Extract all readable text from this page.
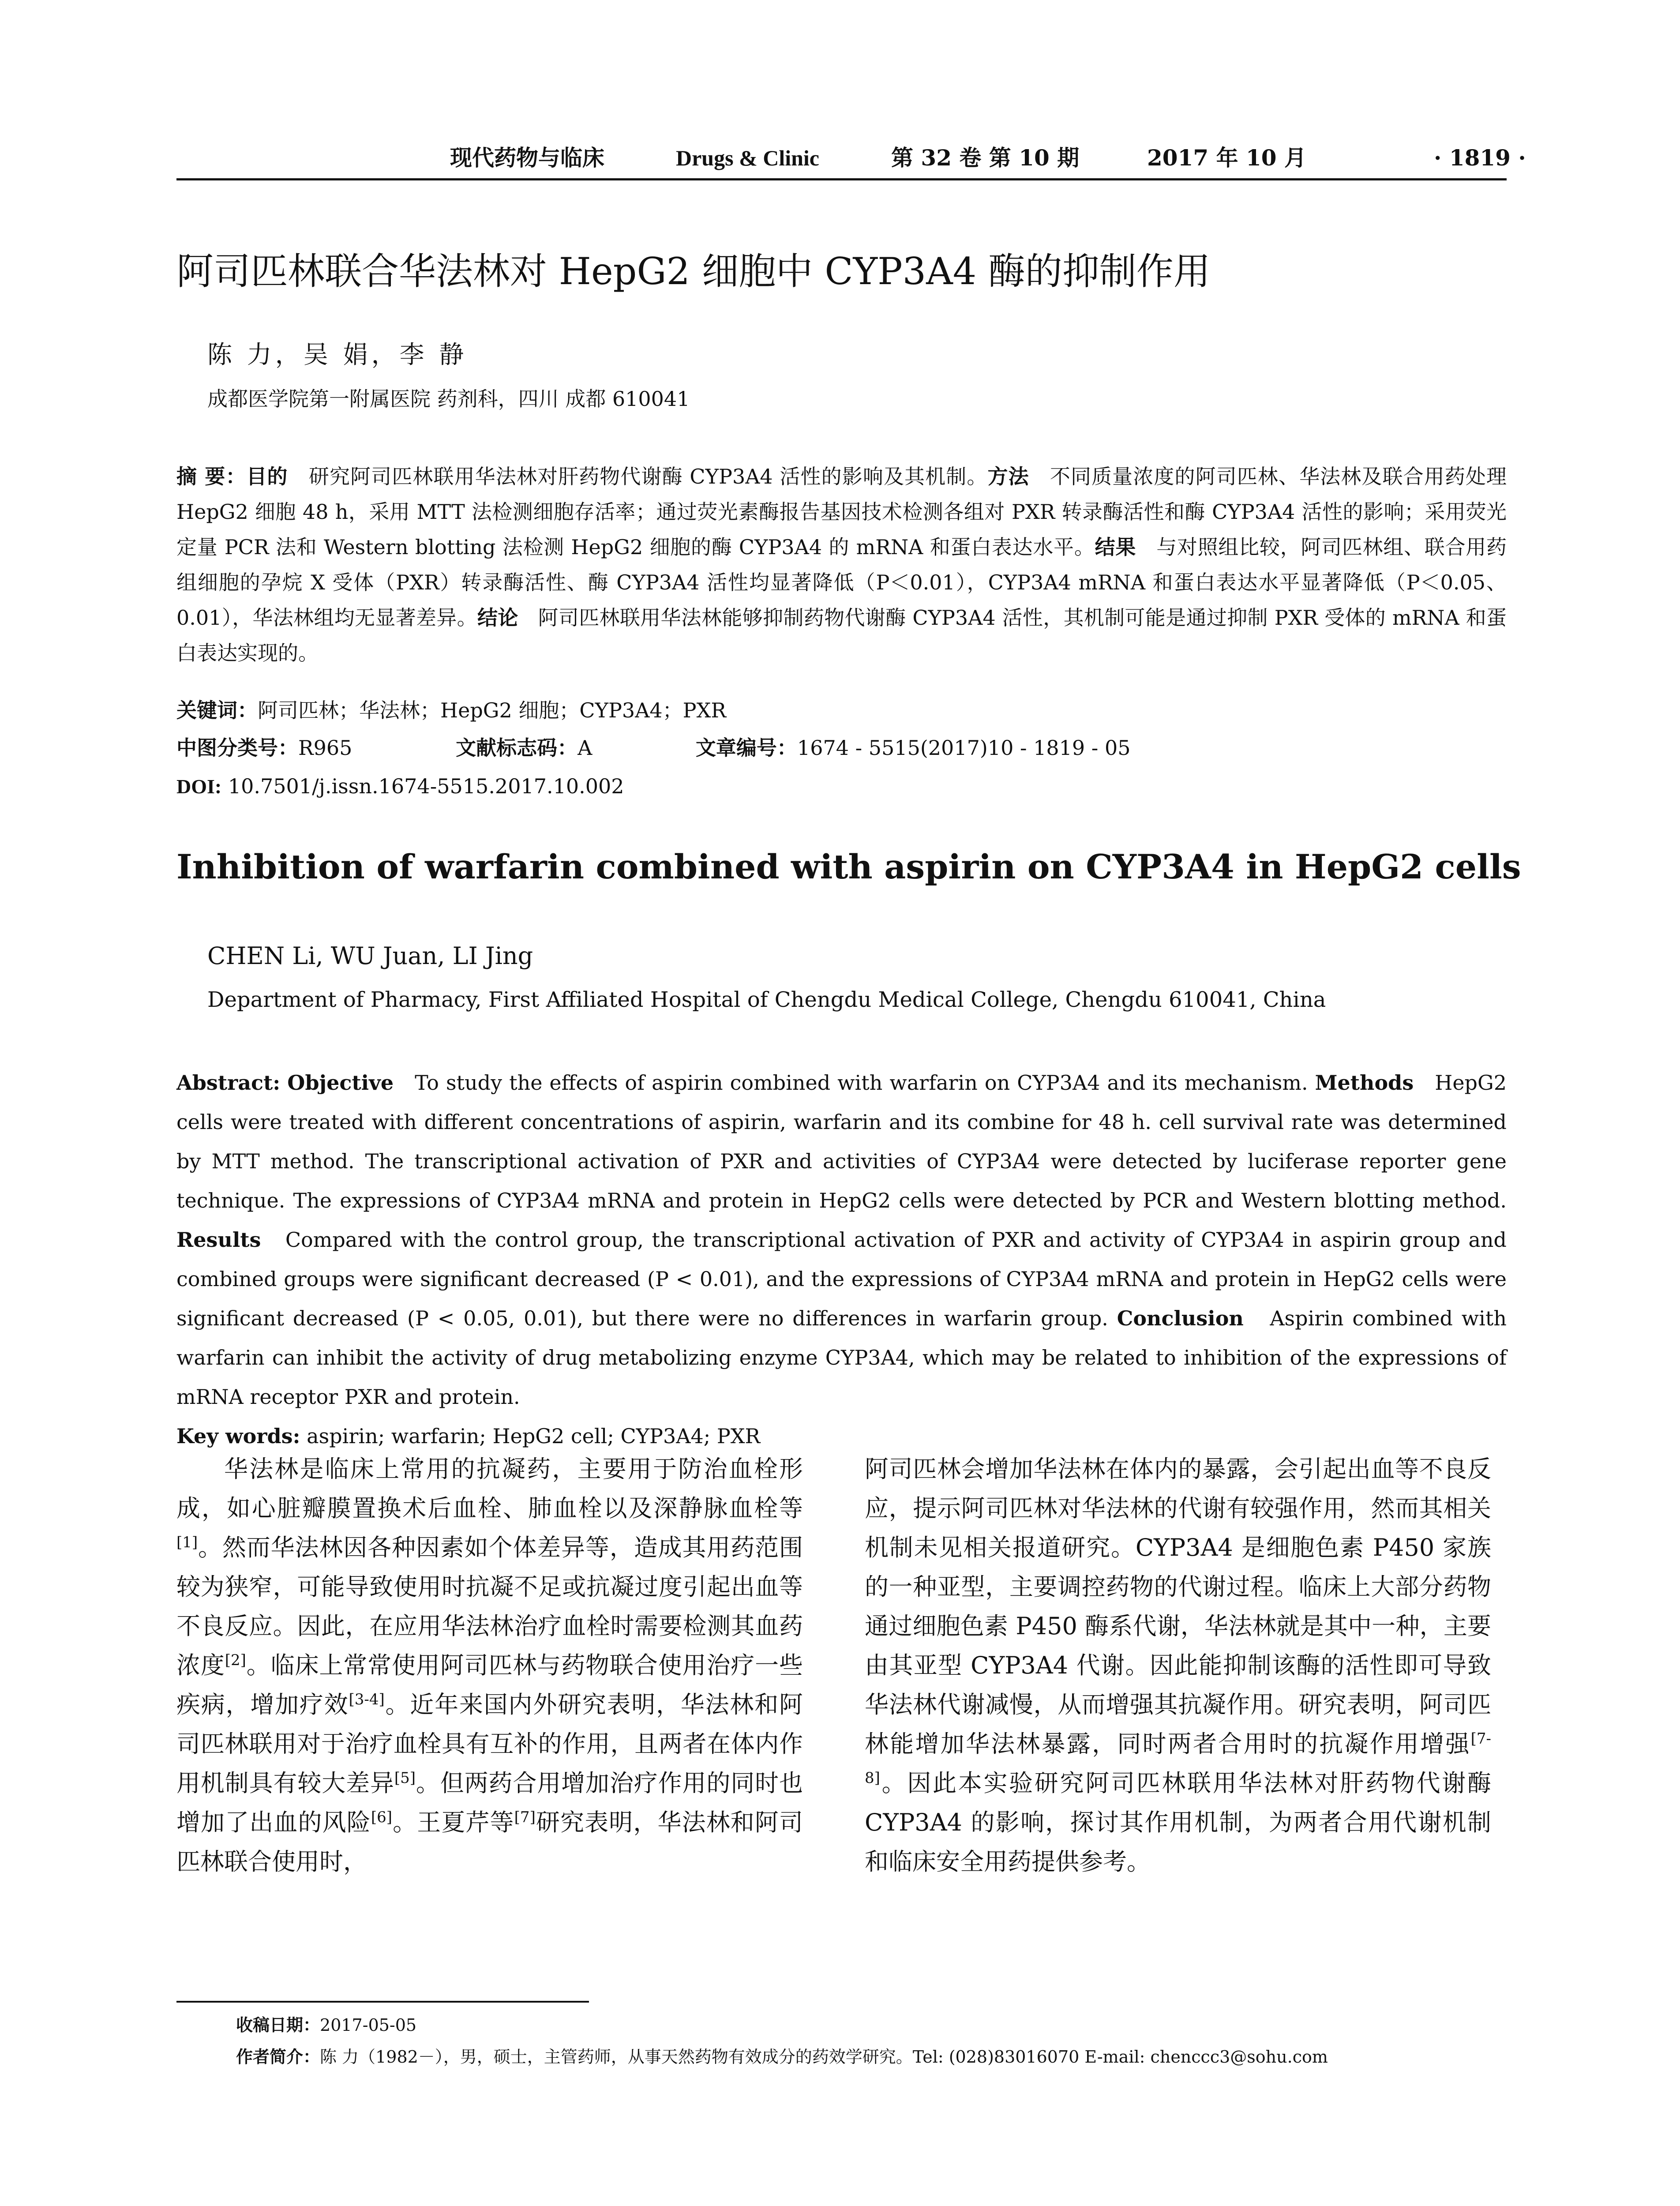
现代药物与临床	Drugs & Clinic	第 32 卷 第 10 期	2017 年 10 月	· 1819 ·
阿司匹林联合华法林对 HepG2 细胞中 CYP3A4 酶的抑制作用
陈 力，吴 娟，李 静
成都医学院第一附属医院 药剂科，四川 成都 610041
摘 要：目的 研究阿司匹林联用华法林对肝药物代谢酶 CYP3A4 活性的影响及其机制。方法 不同质量浓度的阿司匹林、华法林及联合用药处理 HepG2 细胞 48 h，采用 MTT 法检测细胞存活率；通过荧光素酶报告基因技术检测各组对 PXR 转录酶活性和酶 CYP3A4 活性的影响；采用荧光定量 PCR 法和 Western blotting 法检测 HepG2 细胞的酶 CYP3A4 的 mRNA 和蛋白表达水平。结果 与对照组比较，阿司匹林组、联合用药组细胞的孕烷 X 受体（PXR）转录酶活性、酶 CYP3A4 活性均显著降低（P＜0.01），CYP3A4 mRNA 和蛋白表达水平显著降低（P＜0.05、0.01），华法林组均无显著差异。结论 阿司匹林联用华法林能够抑制药物代谢酶 CYP3A4 活性，其机制可能是通过抑制 PXR 受体的 mRNA 和蛋白表达实现的。
关键词：阿司匹林；华法林；HepG2 细胞；CYP3A4；PXR
中图分类号：R965	文献标志码：A	文章编号：1674 - 5515(2017)10 - 1819 - 05
DOI: 10.7501/j.issn.1674-5515.2017.10.002
Inhibition of warfarin combined with aspirin on CYP3A4 in HepG2 cells
CHEN Li, WU Juan, LI Jing
Department of Pharmacy, First Affiliated Hospital of Chengdu Medical College, Chengdu 610041, China
Abstract: Objective To study the effects of aspirin combined with warfarin on CYP3A4 and its mechanism. Methods HepG2 cells were treated with different concentrations of aspirin, warfarin and its combine for 48 h. cell survival rate was determined by MTT method. The transcriptional activation of PXR and activities of CYP3A4 were detected by luciferase reporter gene technique. The expressions of CYP3A4 mRNA and protein in HepG2 cells were detected by PCR and Western blotting method. Results Compared with the control group, the transcriptional activation of PXR and activity of CYP3A4 in aspirin group and combined groups were significant decreased (P < 0.01), and the expressions of CYP3A4 mRNA and protein in HepG2 cells were significant decreased (P < 0.05, 0.01), but there were no differences in warfarin group. Conclusion Aspirin combined with warfarin can inhibit the activity of drug metabolizing enzyme CYP3A4, which may be related to inhibition of the expressions of mRNA receptor PXR and protein.
Key words: aspirin; warfarin; HepG2 cell; CYP3A4; PXR

华法林是临床上常用的抗凝药，主要用于防治血栓形成，如心脏瓣膜置换术后血栓、肺血栓以及深静脉血栓等[1]。然而华法林因各种因素如个体差异等，造成其用药范围较为狭窄，可能导致使用时抗凝不足或抗凝过度引起出血等不良反应。因此，在应用华法林治疗血栓时需要检测其血药浓度[2]。临床上常常使用阿司匹林与药物联合使用治疗一些疾病，增加疗效[3-4]。近年来国内外研究表明，华法林和阿司匹林联用对于治疗血栓具有互补的作用，且两者在体内作用机制具有较大差异[5]。但两药合用增加治疗作用的同时也增加了出血的风险[6]。王夏芹等[7]研究表明，华法林和阿司匹林联合使用时，

阿司匹林会增加华法林在体内的暴露，会引起出血等不良反应，提示阿司匹林对华法林的代谢有较强作用，然而其相关机制未见相关报道研究。CYP3A4 是细胞色素 P450 家族的一种亚型，主要调控药物的代谢过程。临床上大部分药物通过细胞色素 P450 酶系代谢，华法林就是其中一种，主要由其亚型 CYP3A4 代谢。因此能抑制该酶的活性即可导致华法林代谢减慢，从而增强其抗凝作用。研究表明，阿司匹林能增加华法林暴露，同时两者合用时的抗凝作用增强[7-8]。因此本实验研究阿司匹林联用华法林对肝药物代谢酶 CYP3A4 的影响，探讨其作用机制，为两者合用代谢机制和临床安全用药提供参考。

收稿日期：2017-05-05
作者简介：陈 力（1982－），男，硕士，主管药师，从事天然药物有效成分的药效学研究。Tel: (028)83016070 E-mail: chenccc3@sohu.com
